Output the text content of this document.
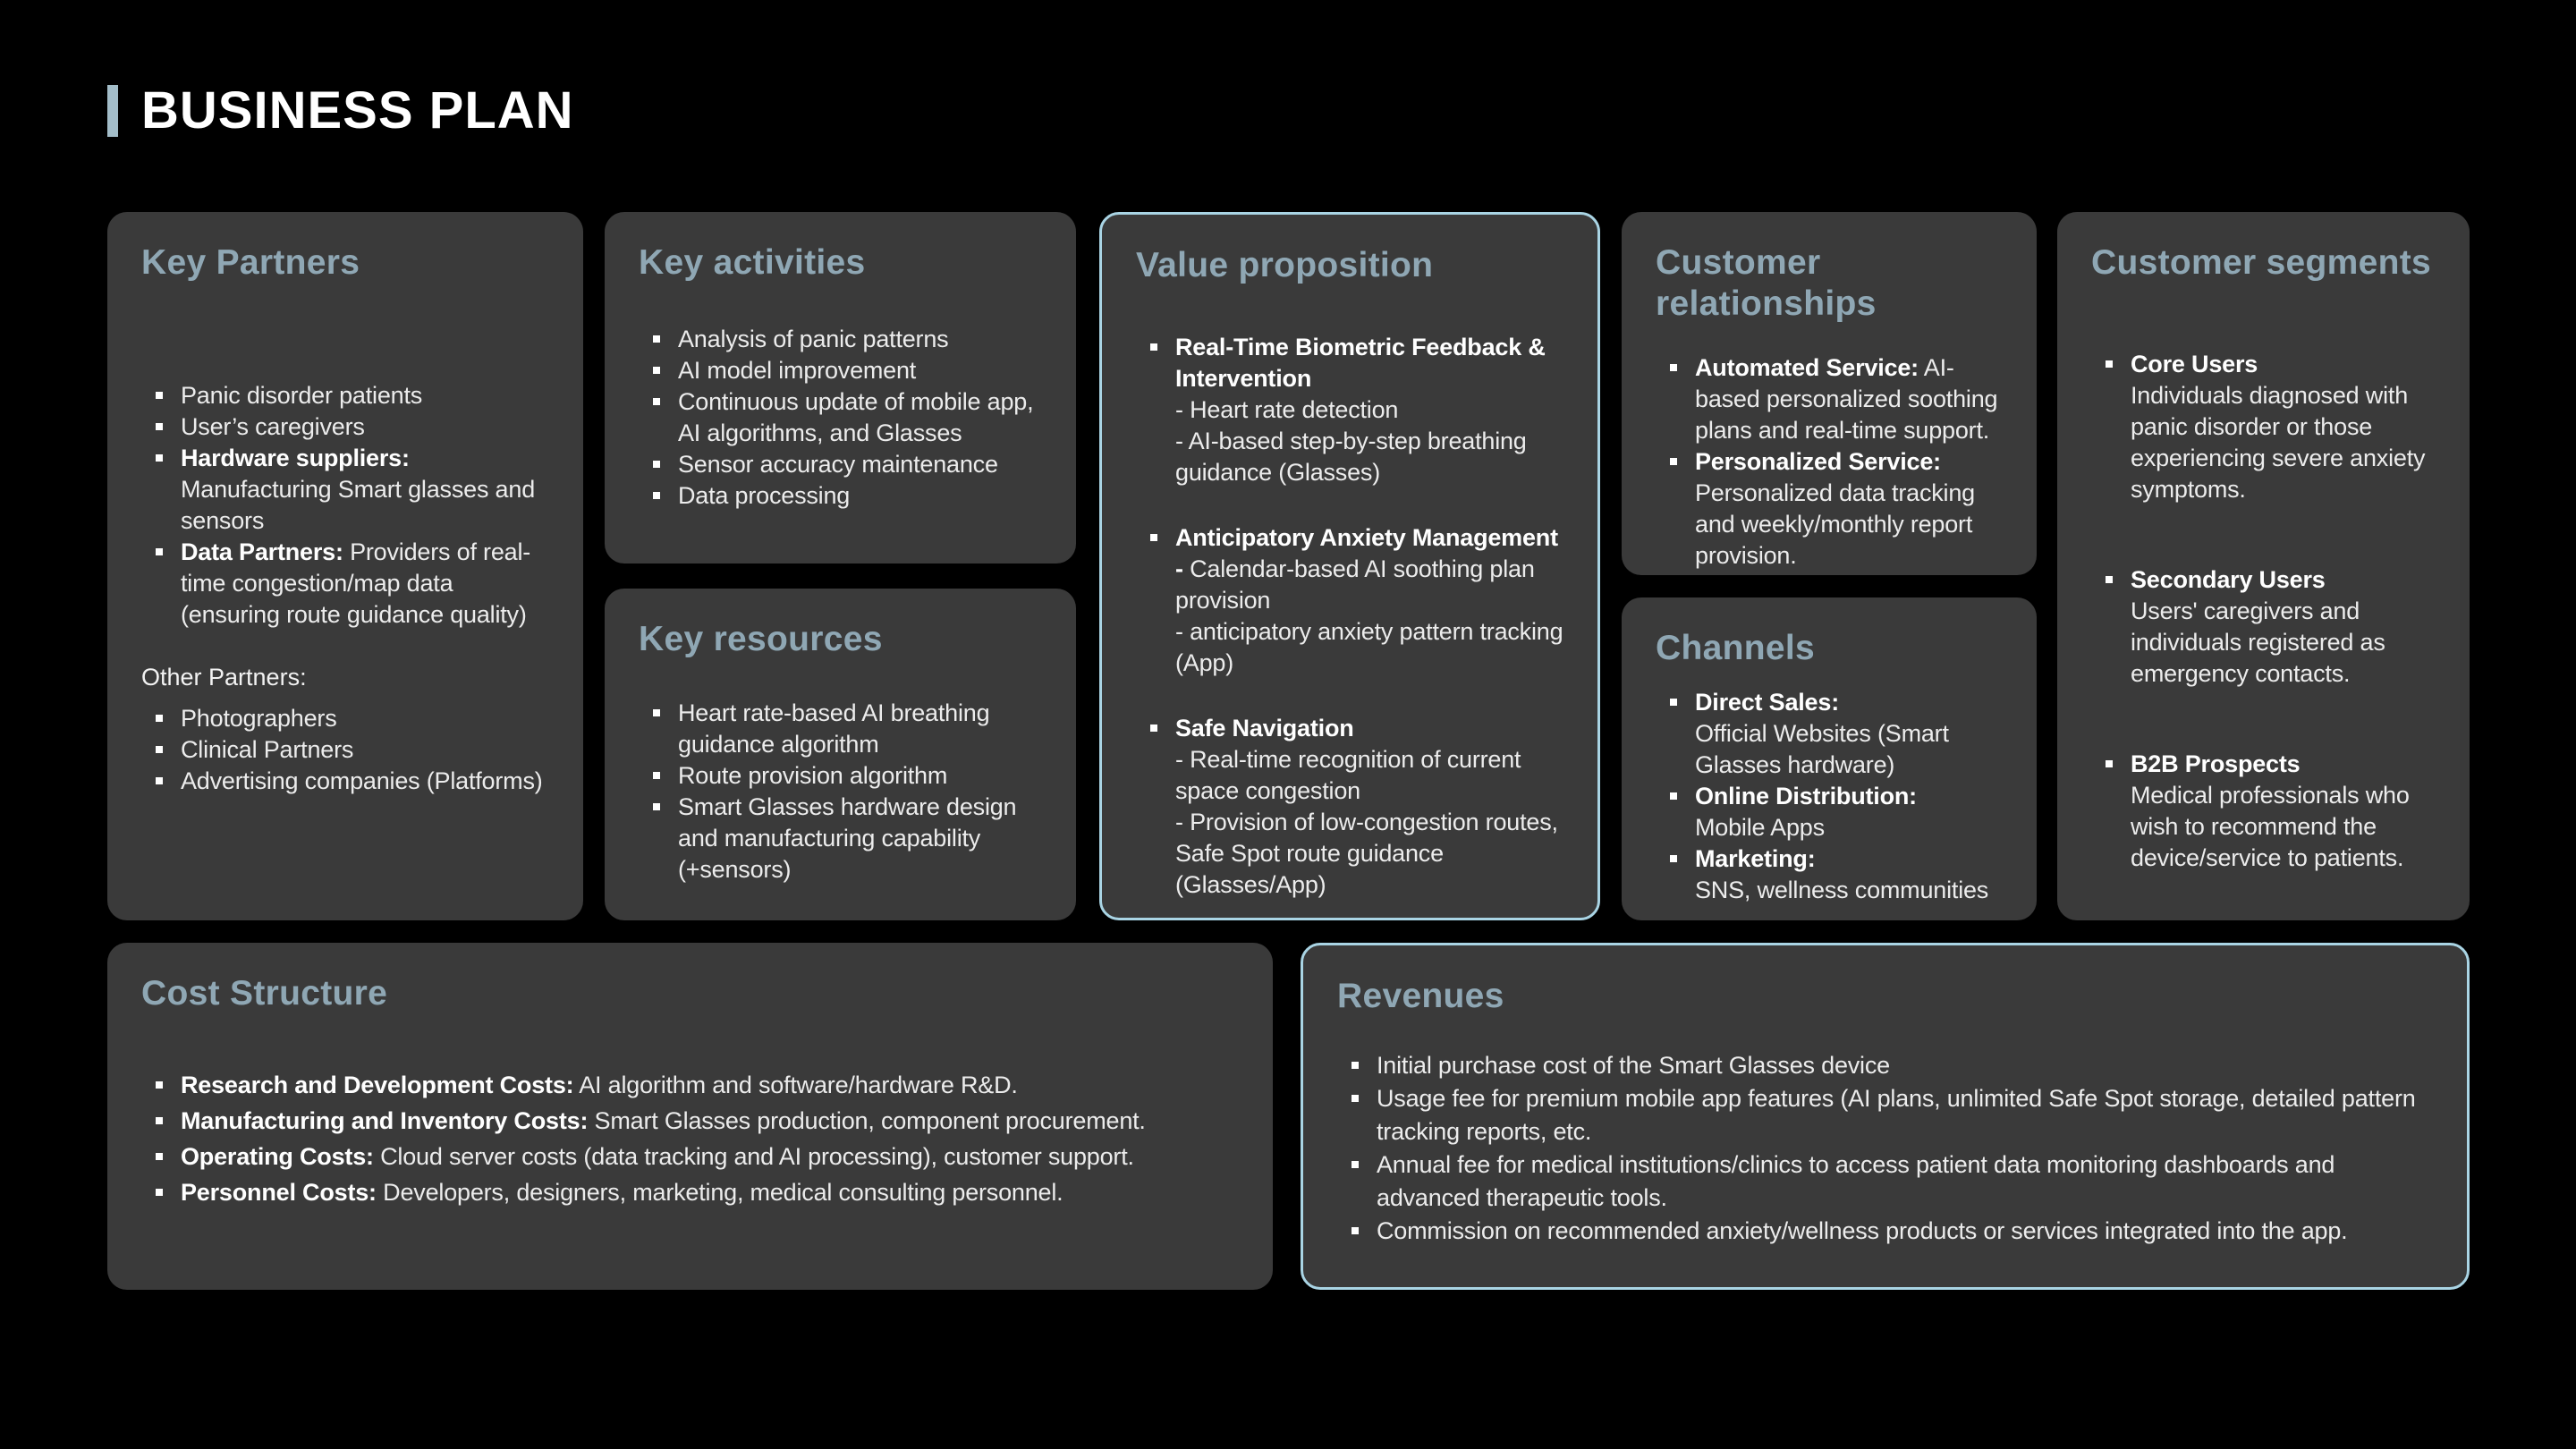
BUSINESS PLAN
Key Partners
Panic disorder patients
User’s caregivers
Hardware suppliers: Manufacturing Smart glasses and sensors
Data Partners: Providers of real-time congestion/map data (ensuring route guidance quality)
Other Partners:
Photographers
Clinical Partners
Advertising companies (Platforms)
Key activities
Analysis of panic patterns
AI model improvement
Continuous update of mobile app, AI algorithms, and Glasses
Sensor accuracy maintenance
Data processing
Key resources
Heart rate-based AI breathing guidance algorithm
Route provision algorithm
Smart Glasses hardware design and manufacturing capability (+sensors)
Value proposition
Real-Time Biometric Feedback & Intervention
- Heart rate detection
- AI-based step-by-step breathing guidance (Glasses)
Anticipatory Anxiety Management - Calendar-based AI soothing plan provision
- anticipatory anxiety pattern tracking (App)
Safe Navigation
- Real-time recognition of current space congestion
- Provision of low-congestion routes, Safe Spot route guidance (Glasses/App)
Customer relationships
Automated Service: AI-based personalized soothing plans and real-time support.
Personalized Service: Personalized data tracking and weekly/monthly report provision.
Channels
Direct Sales:
Official Websites (Smart Glasses hardware)
Online Distribution:
Mobile Apps
Marketing:
SNS, wellness communities
Customer segments
Core Users
Individuals diagnosed with panic disorder or those experiencing severe anxiety symptoms.
Secondary Users
Users' caregivers and individuals registered as emergency contacts.
B2B Prospects
Medical professionals who wish to recommend the device/service to patients.
Cost Structure
Research and Development Costs: AI algorithm and software/hardware R&D.
Manufacturing and Inventory Costs: Smart Glasses production, component procurement.
Operating Costs: Cloud server costs (data tracking and AI processing), customer support.
Personnel Costs: Developers, designers, marketing, medical consulting personnel.
Revenues
Initial purchase cost of the Smart Glasses device
Usage fee for premium mobile app features (AI plans, unlimited Safe Spot storage, detailed pattern tracking reports, etc.
Annual fee for medical institutions/clinics to access patient data monitoring dashboards and advanced therapeutic tools.
Commission on recommended anxiety/wellness products or services integrated into the app.
